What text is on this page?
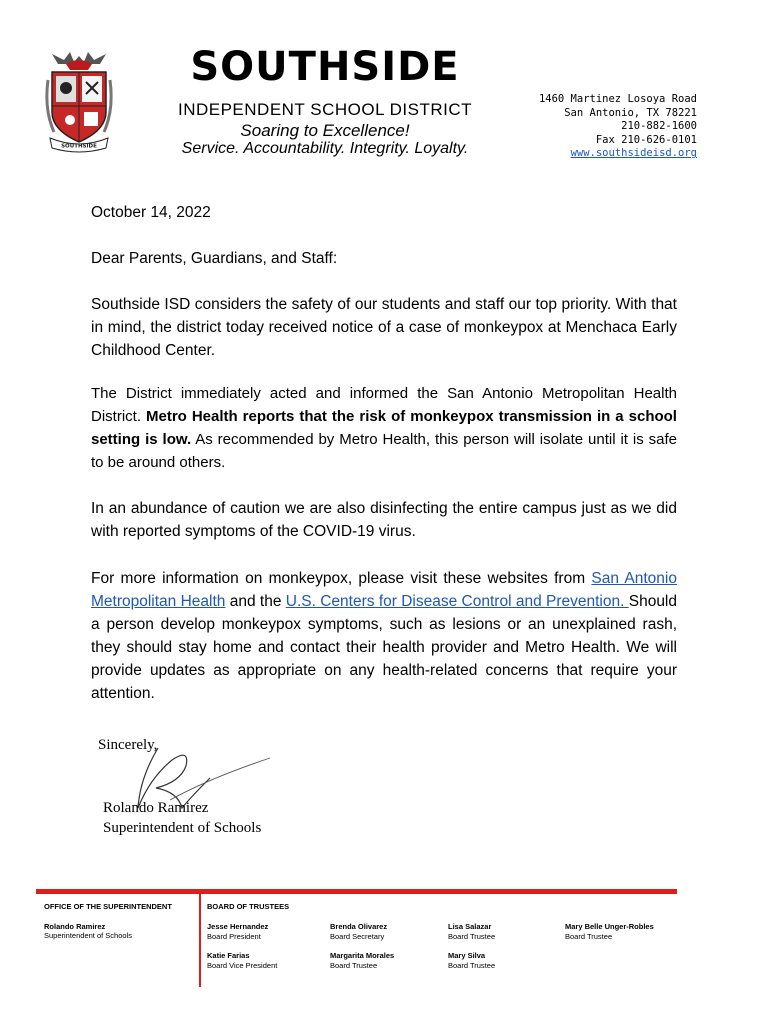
SOUTHSIDE
SOUTHSIDE
INDEPENDENT SCHOOL DISTRICT
Soaring to Excellence!
Service. Accountability. Integrity. Loyalty.
1460 Martinez Losoya Road
San Antonio, TX 78221
210-882-1600
Fax 210-626-0101
www.southsideisd.org
October 14, 2022
Dear Parents, Guardians, and Staff:

Southside ISD considers the safety of our students and staff our top priority. With that in mind, the district today received notice of a case of monkeypox at Menchaca Early Childhood Center.

The District immediately acted and informed the San Antonio Metropolitan Health District. Metro Health reports that the risk of monkeypox transmission in a school setting is low. As recommended by Metro Health, this person will isolate until it is safe to be around others.

In an abundance of caution we are also disinfecting the entire campus just as we did with reported symptoms of the COVID-19 virus.

For more information on monkeypox, please visit these websites from San Antonio Metropolitan Health and the U.S. Centers for Disease Control and Prevention. Should a person develop monkeypox symptoms, such as lesions or an unexplained rash, they should stay home and contact their health provider and Metro Health. We will provide updates as appropriate on any health-related concerns that require your attention.

Sincerely,
Rolando Ramirez
Superintendent of Schools
OFFICE OF THE SUPERINTENDENT
Rolando Ramirez
Superintendent of Schools
BOARD OF TRUSTEES
Jesse Hernandez
Board President
Brenda Olivarez
Board Secretary
Lisa Salazar
Board Trustee
Mary Belle Unger-Robles
Board Trustee
Katie Farias
Board Vice President
Margarita Morales
Board Trustee
Mary Silva
Board Trustee
